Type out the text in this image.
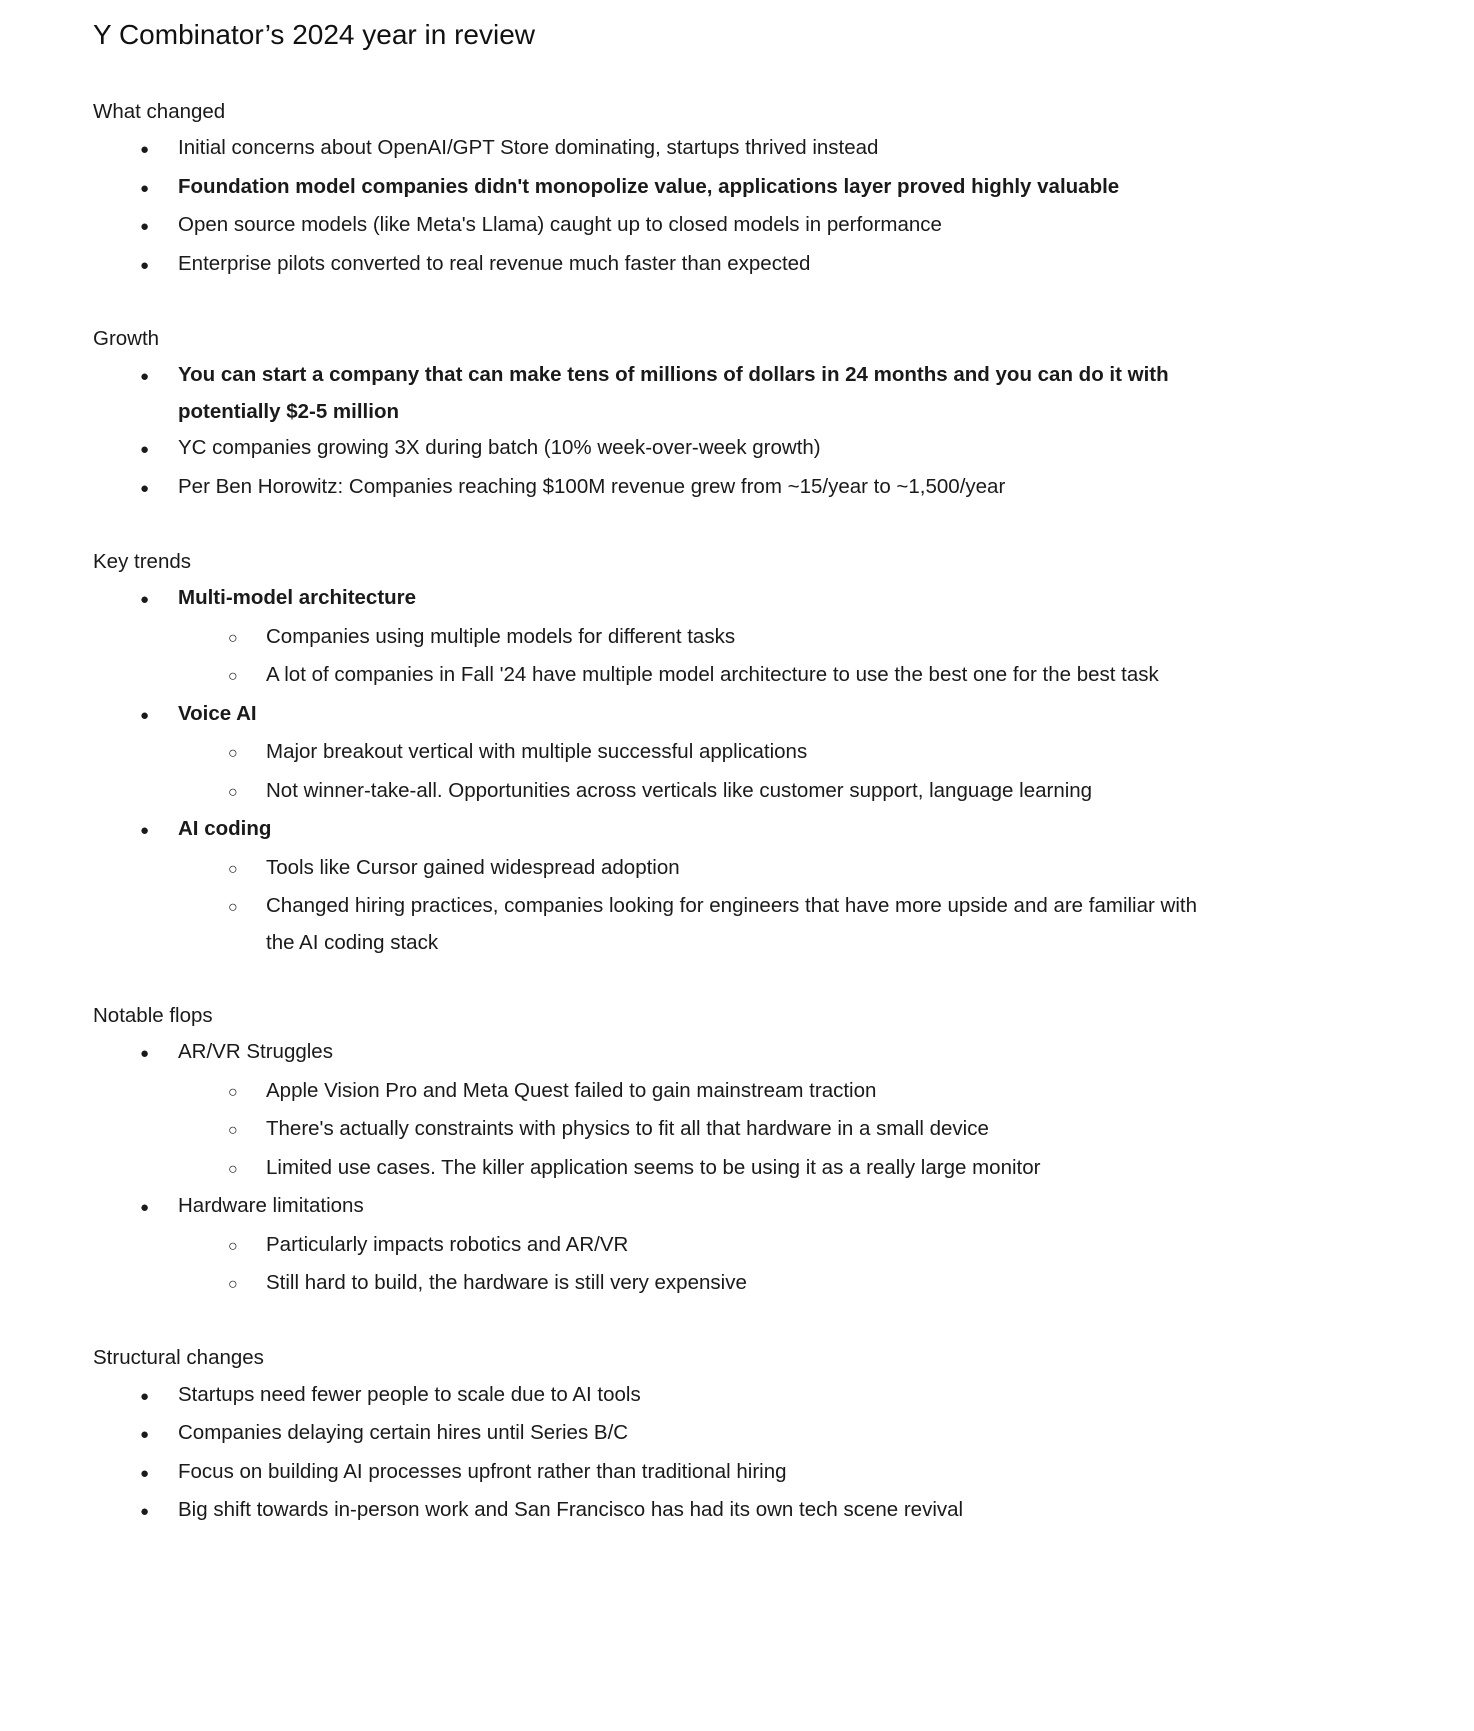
Y Combinator’s 2024 year in review
What changed
●	Initial concerns about OpenAI/GPT Store dominating, startups thrived instead
●	Foundation model companies didn't monopolize value, applications layer proved highly valuable
●	Open source models (like Meta's Llama) caught up to closed models in performance
●	Enterprise pilots converted to real revenue much faster than expected
Growth
●	You can start a company that can make tens of millions of dollars in 24 months and you can do it with potentially $2-5 million
●	YC companies growing 3X during batch (10% week-over-week growth)
●	Per Ben Horowitz: Companies reaching $100M revenue grew from ~15/year to ~1,500/year
Key trends
●	Multi-model architecture
○	Companies using multiple models for different tasks
○	A lot of companies in Fall '24 have multiple model architecture to use the best one for the best task
●	Voice AI
○	Major breakout vertical with multiple successful applications
○	Not winner-take-all. Opportunities across verticals like customer support, language learning
●	AI coding
○	Tools like Cursor gained widespread adoption
○	Changed hiring practices, companies looking for engineers that have more upside and are familiar with the AI coding stack
Notable flops
●	AR/VR Struggles
○	Apple Vision Pro and Meta Quest failed to gain mainstream traction
○	There's actually constraints with physics to fit all that hardware in a small device
○	Limited use cases. The killer application seems to be using it as a really large monitor
●	Hardware limitations
○	Particularly impacts robotics and AR/VR
○	Still hard to build, the hardware is still very expensive
Structural changes
●	Startups need fewer people to scale due to AI tools
●	Companies delaying certain hires until Series B/C
●	Focus on building AI processes upfront rather than traditional hiring
●	Big shift towards in-person work and San Francisco has had its own tech scene revival
